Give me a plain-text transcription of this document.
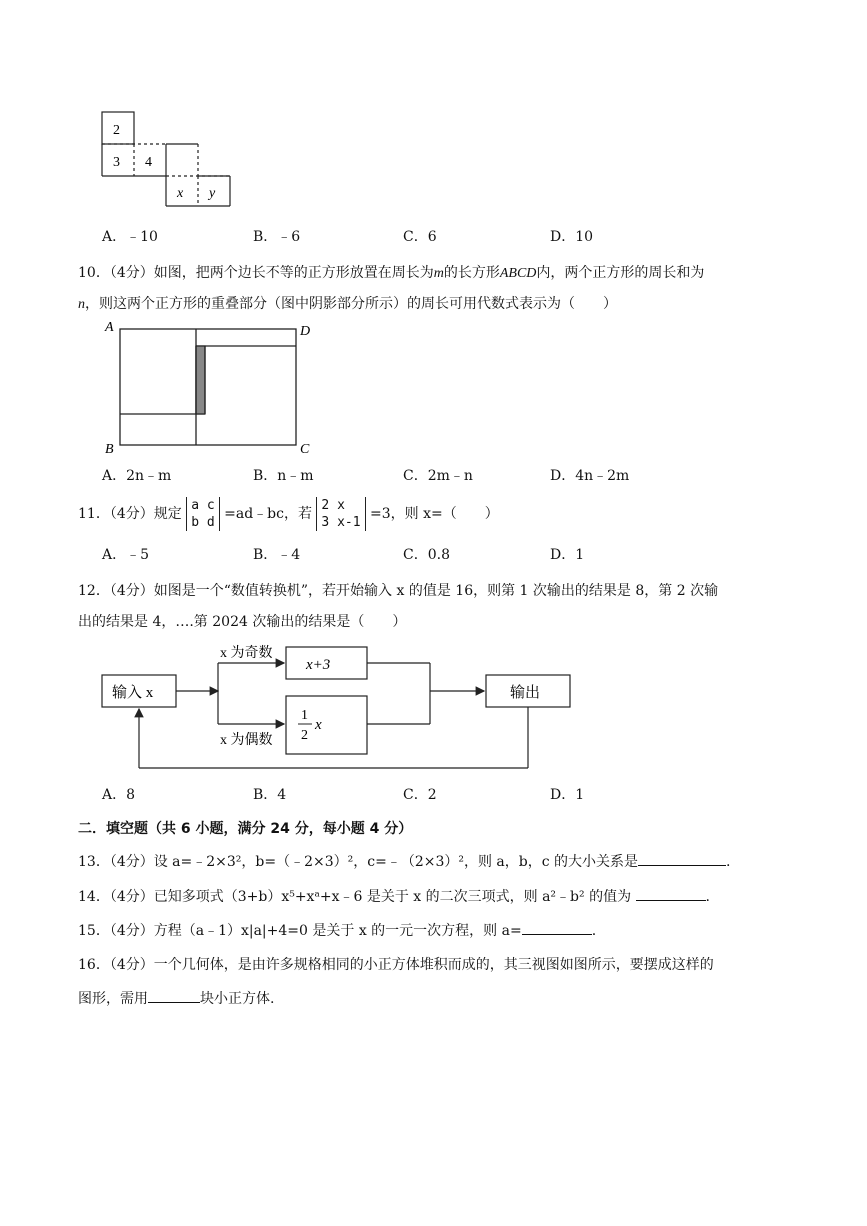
2
3 4
x y
A．﹣10	B．﹣6	C．6	D．10
10．（4分）如图，把两个边长不等的正方形放置在周长为m的长方形ABCD内，两个正方形的周长和为
n，则这两个正方形的重叠部分（图中阴影部分所示）的周长可用代数式表示为（　　）
A
B	C
D
A．2n﹣m	B．n﹣m	C．2m﹣n	D．4n﹣2m
11．（4分）规定
a c
b d
=ad﹣bc，若
2 x
3 x-1
=3，则 x=（　　）
A．﹣5	B．﹣4	C．0.8	D．1
12．（4分）如图是一个“数值转换机”，若开始输入 x 的值是 16，则第 1 次输出的结果是 8，第 2 次输
出的结果是 4，….第 2024 次输出的结果是（　　）
输入 x
x 为奇数
x 为偶数
x+3
1
2
x
输出
A．8	B．4	C．2	D．1
二．填空题（共 6 小题，满分 24 分，每小题 4 分）
13．（4分）设 a=﹣2×3²，b=（﹣2×3）²，c=﹣（2×3）²，则 a，b，c 的大小关系是	.
14．（4分）已知多项式（3+b）x⁵+xᵃ+x﹣6 是关于 x 的二次三项式，则 a²﹣b² 的值为	.
15．（4分）方程（a﹣1）x|a|+4=0 是关于 x 的一元一次方程，则 a=	.
16．（4分）一个几何体，是由许多规格相同的小正方体堆积而成的，其三视图如图所示，要摆成这样的
图形，需用	块小正方体.
